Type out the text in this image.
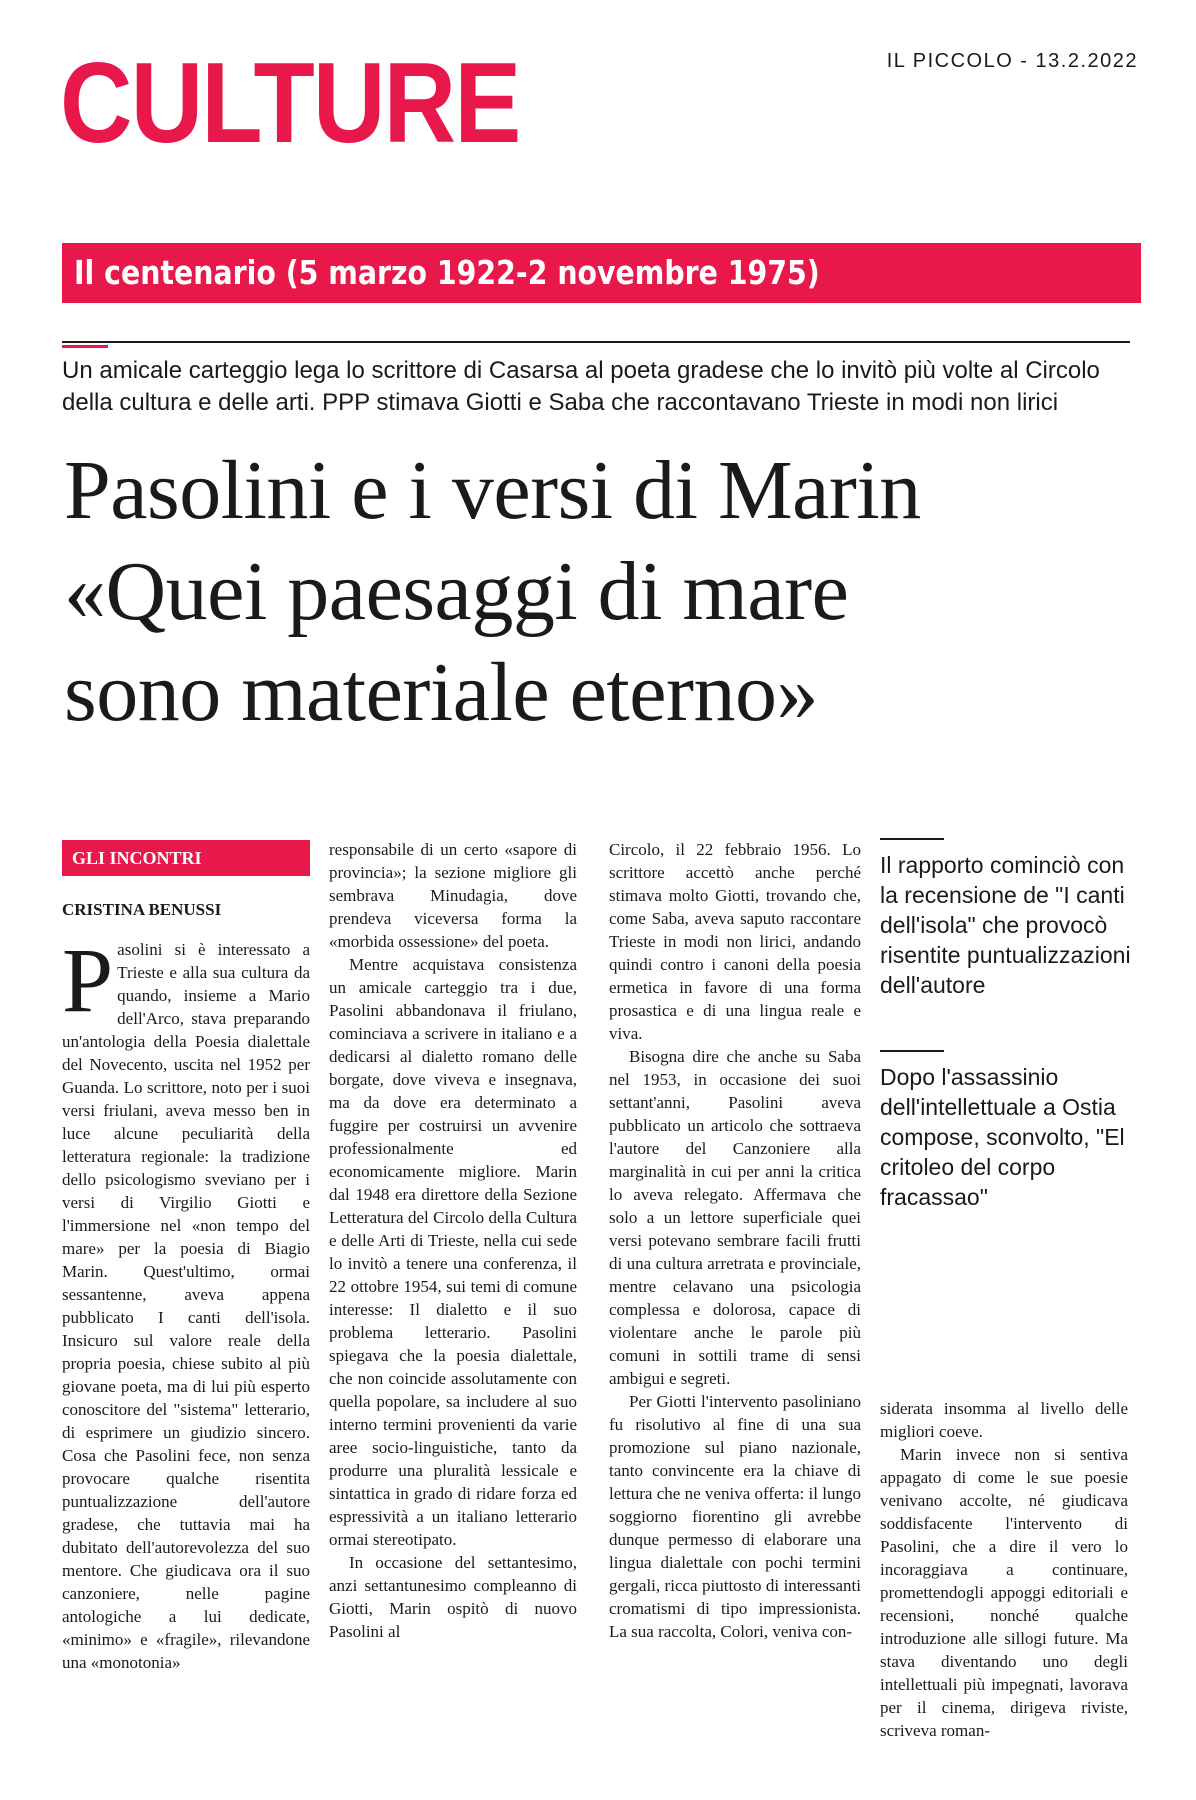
CULTURE	IL PICCOLO - 13.2.2022
Il centenario (5 marzo 1922-2 novembre 1975)

Un amicale carteggio lega lo scrittore di Casarsa al poeta gradese che lo invitò più volte al Circolo della cultura e delle arti. PPP stimava Giotti e Saba che raccontavano Trieste in modi non lirici

Pasolini e i versi di Marin
«Quei paesaggi di mare
sono materiale eterno»
GLI INCONTRI
CRISTINA BENUSSI

Pasolini si è interessato a Trieste e alla sua cultura da quando, insieme a Mario dell'Arco, stava preparando un'antologia della Poesia dialettale del Novecento, uscita nel 1952 per Guanda. Lo scrittore, noto per i suoi versi friulani, aveva messo ben in luce alcune peculiarità della letteratura regionale: la tradizione dello psicologismo sveviano per i versi di Virgilio Giotti e l'immersione nel «non tempo del mare» per la poesia di Biagio Marin. Quest'ultimo, ormai sessantenne, aveva appena pubblicato I canti dell'isola. Insicuro sul valore reale della propria poesia, chiese subito al più giovane poeta, ma di lui più esperto conoscitore del "sistema" letterario, di esprimere un giudizio sincero. Cosa che Pasolini fece, non senza provocare qualche risentita puntualizzazione dell'autore gradese, che tuttavia mai ha dubitato dell'autorevolezza del suo mentore. Che giudicava ora il suo canzoniere, nelle pagine antologiche a lui dedicate, «minimo» e «fragile», rilevandone una «monotonia»

responsabile di un certo «sapore di provincia»; la sezione migliore gli sembrava Minudagia, dove prendeva viceversa forma la «morbida ossessione» del poeta.

Mentre acquistava consistenza un amicale carteggio tra i due, Pasolini abbandonava il friulano, cominciava a scrivere in italiano e a dedicarsi al dialetto romano delle borgate, dove viveva e insegnava, ma da dove era determinato a fuggire per costruirsi un avvenire professionalmente ed economicamente migliore. Marin dal 1948 era direttore della Sezione Letteratura del Circolo della Cultura e delle Arti di Trieste, nella cui sede lo invitò a tenere una conferenza, il 22 ottobre 1954, sui temi di comune interesse: Il dialetto e il suo problema letterario. Pasolini spiegava che la poesia dialettale, che non coincide assolutamente con quella popolare, sa includere al suo interno termini provenienti da varie aree socio-linguistiche, tanto da produrre una pluralità lessicale e sintattica in grado di ridare forza ed espressività a un italiano letterario ormai stereotipato.

In occasione del settantesimo, anzi settantunesimo compleanno di Giotti, Marin ospitò di nuovo Pasolini al

Circolo, il 22 febbraio 1956. Lo scrittore accettò anche perché stimava molto Giotti, trovando che, come Saba, aveva saputo raccontare Trieste in modi non lirici, andando quindi contro i canoni della poesia ermetica in favore di una forma prosastica e di una lingua reale e viva.

Bisogna dire che anche su Saba nel 1953, in occasione dei suoi settant'anni, Pasolini aveva pubblicato un articolo che sottraeva l'autore del Canzoniere alla marginalità in cui per anni la critica lo aveva relegato. Affermava che solo a un lettore superficiale quei versi potevano sembrare facili frutti di una cultura arretrata e provinciale, mentre celavano una psicologia complessa e dolorosa, capace di violentare anche le parole più comuni in sottili trame di sensi ambigui e segreti.

Per Giotti l'intervento pasoliniano fu risolutivo al fine di una sua promozione sul piano nazionale, tanto convincente era la chiave di lettura che ne veniva offerta: il lungo soggiorno fiorentino gli avrebbe dunque permesso di elaborare una lingua dialettale con pochi termini gergali, ricca piuttosto di interessanti cromatismi di tipo impressionista. La sua raccolta, Colori, veniva con-

Il rapporto cominciò con la recensione de "I canti dell'isola" che provocò risentite puntualizzazioni dell'autore

Dopo l'assassinio dell'intellettuale a Ostia compose, sconvolto, "El critoleo del corpo fracassao"

siderata insomma al livello delle migliori coeve.

Marin invece non si sentiva appagato di come le sue poesie venivano accolte, né giudicava soddisfacente l'intervento di Pasolini, che a dire il vero lo incoraggiava a continuare, promettendogli appoggi editoriali e recensioni, nonché qualche introduzione alle sillogi future. Ma stava diventando uno degli intellettuali più impegnati, lavorava per il cinema, dirigeva riviste, scriveva roman-
